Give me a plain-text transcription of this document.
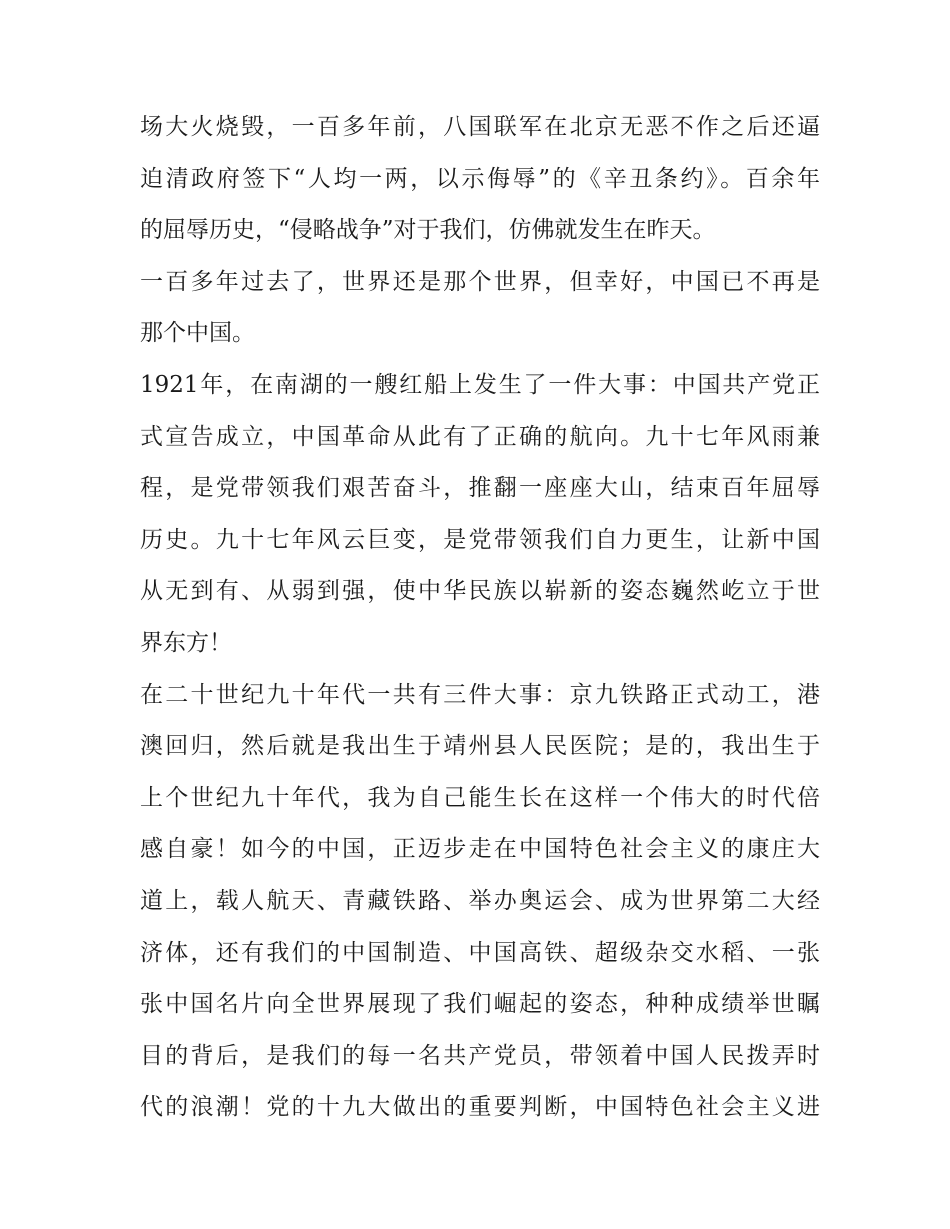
场大火烧毁，一百多年前，八国联军在北京无恶不作之后还逼
迫清政府签下“人均一两，以示侮辱”的《辛丑条约》。百余年
的屈辱历史，“侵略战争”对于我们，仿佛就发生在昨天。
一百多年过去了，世界还是那个世界，但幸好，中国已不再是
那个中国。
1921年，在南湖的一艘红船上发生了一件大事：中国共产党正
式宣告成立，中国革命从此有了正确的航向。九十七年风雨兼
程，是党带领我们艰苦奋斗，推翻一座座大山，结束百年屈辱
历史。九十七年风云巨变，是党带领我们自力更生，让新中国
从无到有、从弱到强，使中华民族以崭新的姿态巍然屹立于世
界东方！
在二十世纪九十年代一共有三件大事：京九铁路正式动工，港
澳回归，然后就是我出生于靖州县人民医院；是的，我出生于
上个世纪九十年代，我为自己能生长在这样一个伟大的时代倍
感自豪！如今的中国，正迈步走在中国特色社会主义的康庄大
道上，载人航天、青藏铁路、举办奥运会、成为世界第二大经
济体，还有我们的中国制造、中国高铁、超级杂交水稻、一张
张中国名片向全世界展现了我们崛起的姿态，种种成绩举世瞩
目的背后，是我们的每一名共产党员，带领着中国人民拨弄时
代的浪潮！党的十九大做出的重要判断，中国特色社会主义进
